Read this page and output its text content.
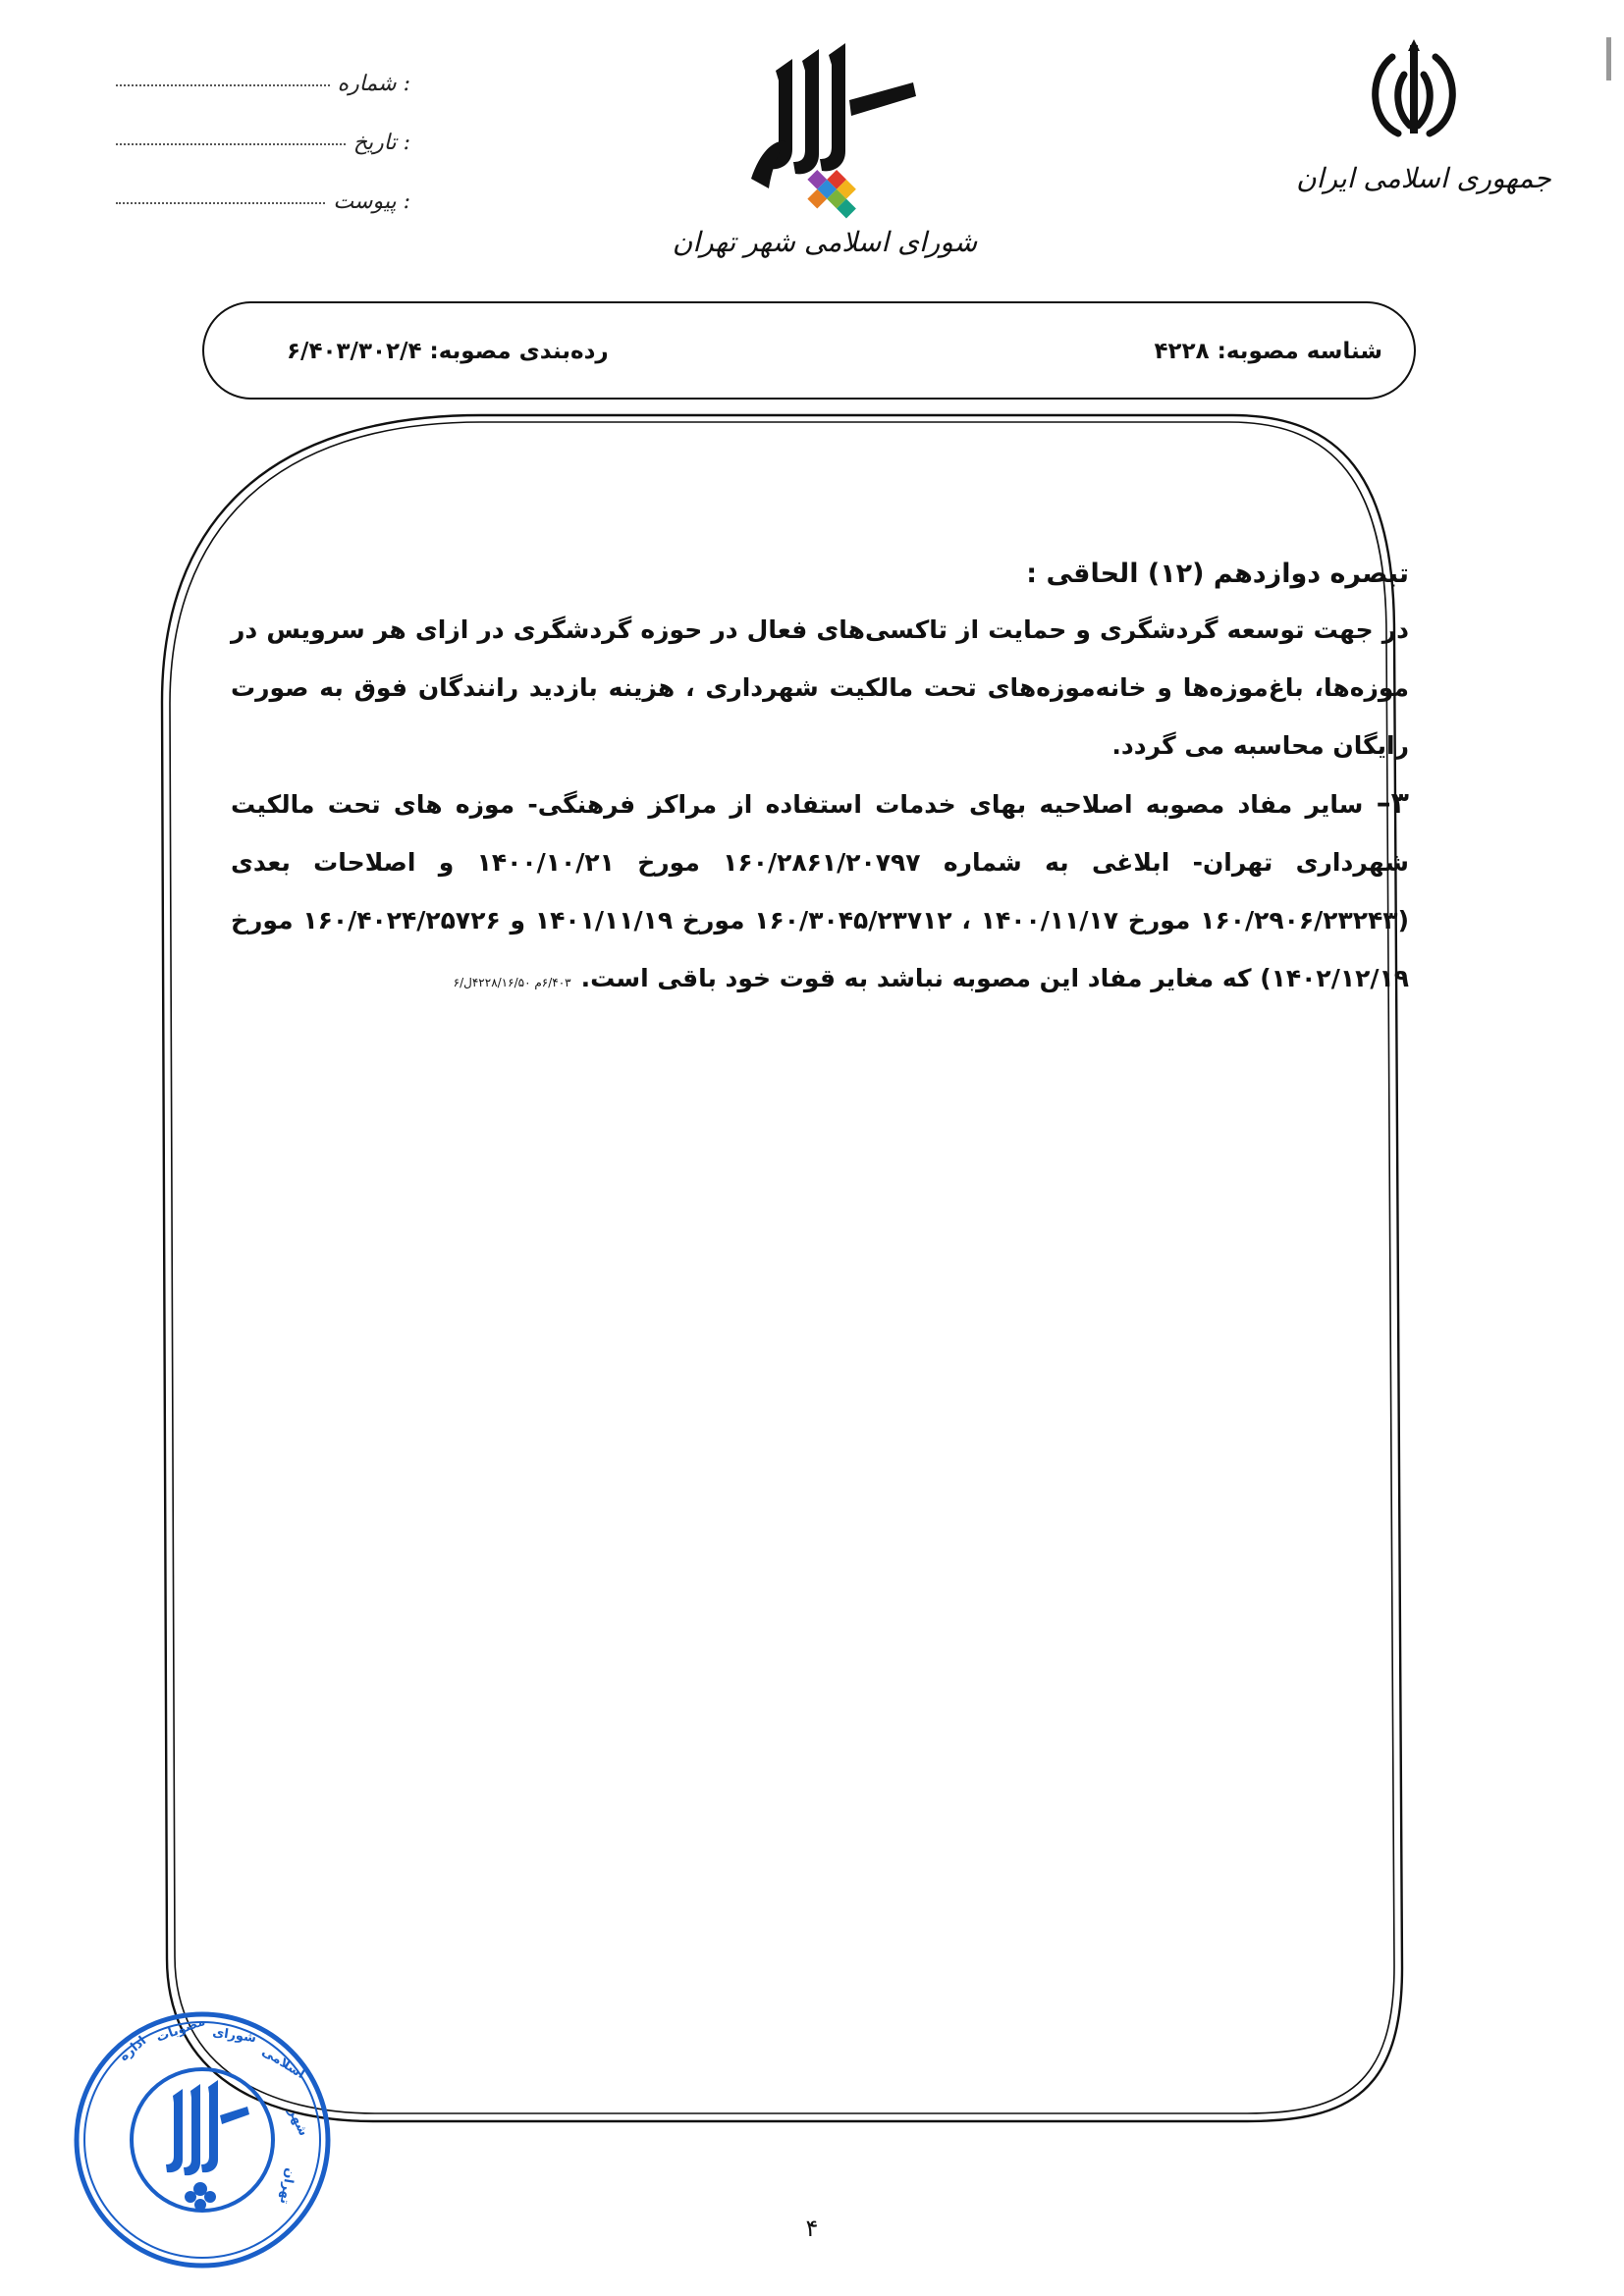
شماره :
تاریخ :
پیوست :
شورای اسلامی شهر تهران
جمهوری اسلامی ایران
شناسه مصوبه: ۴۲۲۸
رده‌بندی مصوبه: ۶/۴۰۳/۳۰۲/۴
تبصره دوازدهم (۱۲) الحاقی :

در جهت توسعه گردشگری و حمایت از تاکسی‌های فعال در حوزه گردشگری در ازای هر سرویس در موزه‌ها، باغ‌موزه‌ها و خانه‌موزه‌های تحت مالکیت شهرداری ، هزینه بازدید رانندگان فوق به صورت رایگان محاسبه می گردد.

۳– سایر مفاد مصوبه اصلاحیه بهای خدمات استفاده از مراکز فرهنگی- موزه های تحت مالکیت شهرداری تهران- ابلاغی به شماره ۱۶۰/۲۸۶۱/۲۰۷۹۷ مورخ ۱۴۰۰/۱۰/۲۱ و اصلاحات بعدی (۱۶۰/۲۹۰۶/۲۳۲۴۳ مورخ ۱۴۰۰/۱۱/۱۷ ، ۱۶۰/۳۰۴۵/۲۳۷۱۲ مورخ ۱۴۰۱/۱۱/۱۹ و ۱۶۰/۴۰۲۴/۲۵۷۲۶ مورخ ۱۴۰۲/۱۲/۱۹) که مغایر مفاد این مصوبه نباشد به قوت خود باقی است.۶/۴۰۳م ۴۲۲۸/۱۶/۵۰ل/۶

اداره
مصوبات شورای
اسلامی
شهر
تهران
۴
